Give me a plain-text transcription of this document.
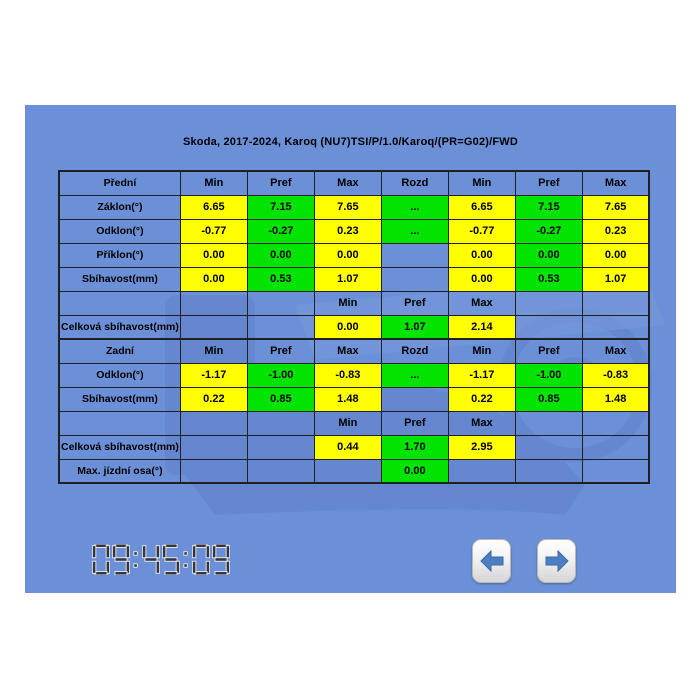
Skoda, 2017-2024, Karoq (NU7)TSI/P/1.0/Karoq/(PR=G02)/FWD
Přední	Min	Pref	Max	Rozd	Min	Pref	Max
Záklon(°)	6.65	7.15	7.65	...	6.65	7.15	7.65
Odklon(°)	-0.77	-0.27	0.23	...	-0.77	-0.27	0.23
Příklon(°)	0.00	0.00	0.00		0.00	0.00	0.00
Sbíhavost(mm)	0.00	0.53	1.07		0.00	0.53	1.07
			Min	Pref	Max		
Celková sbíhavost(mm)			0.00	1.07	2.14		
Zadní	Min	Pref	Max	Rozd	Min	Pref	Max
Odklon(°)	-1.17	-1.00	-0.83	...	-1.17	-1.00	-0.83
Sbíhavost(mm)	0.22	0.85	1.48		0.22	0.85	1.48
			Min	Pref	Max		
Celková sbíhavost(mm)			0.44	1.70	2.95		
Max. jízdní osa(°)				0.00			
